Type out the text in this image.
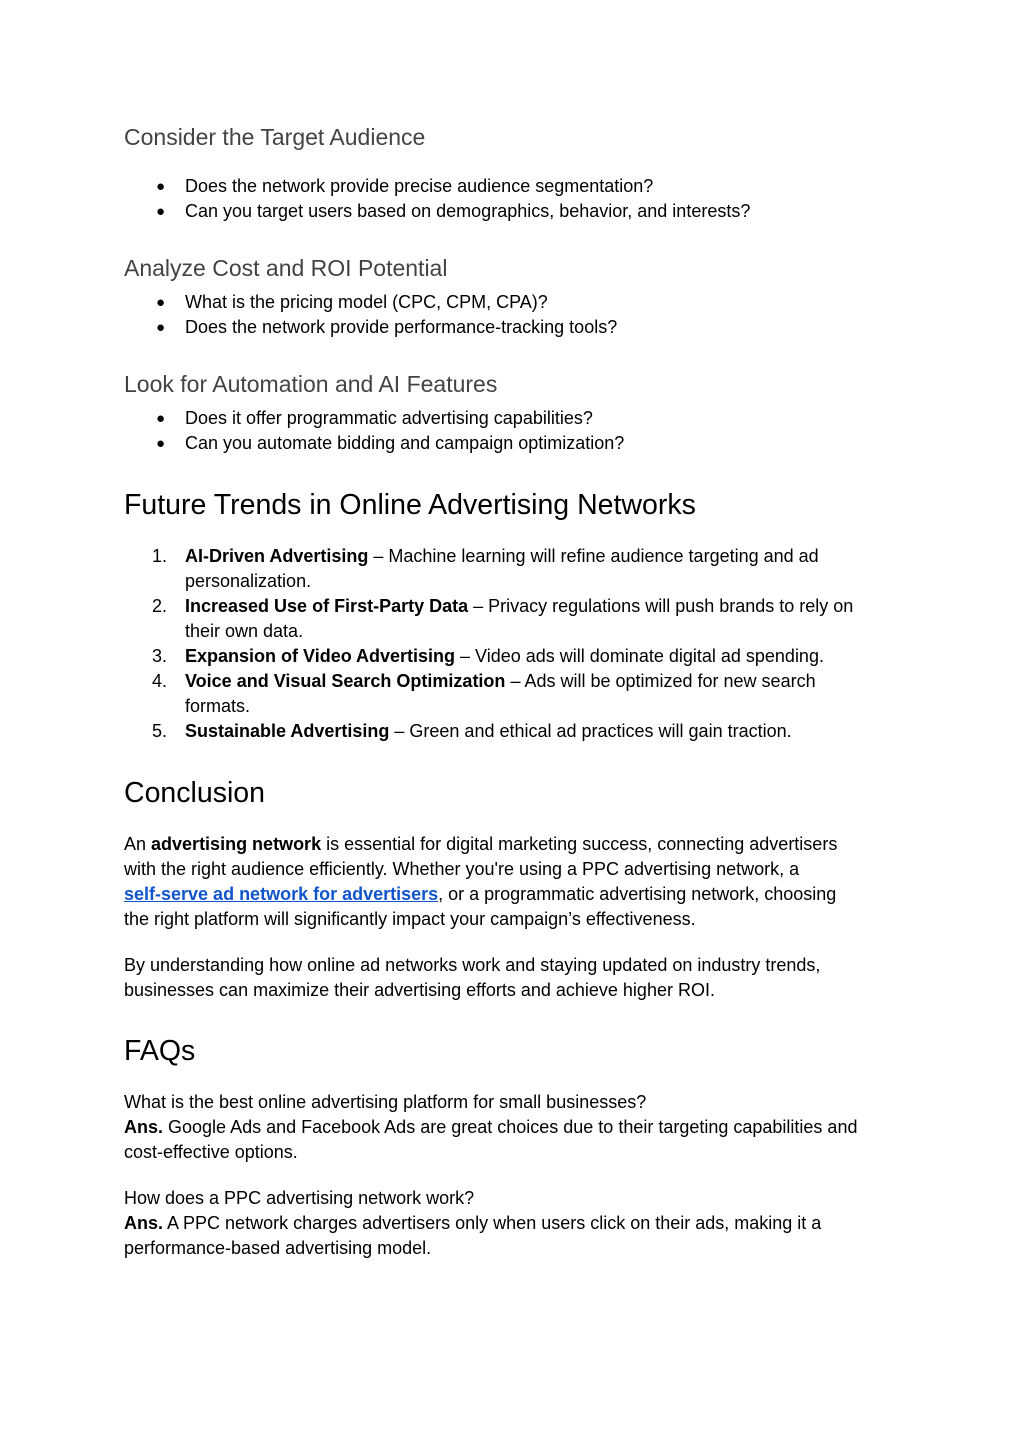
Consider the Target Audience
● Does the network provide precise audience segmentation?
● Can you target users based on demographics, behavior, and interests?
Analyze Cost and ROI Potential
● What is the pricing model (CPC, CPM, CPA)?
● Does the network provide performance-tracking tools?
Look for Automation and AI Features
● Does it offer programmatic advertising capabilities?
● Can you automate bidding and campaign optimization?
Future Trends in Online Advertising Networks
1. AI-Driven Advertising – Machine learning will refine audience targeting and ad
personalization.
2. Increased Use of First-Party Data – Privacy regulations will push brands to rely on
their own data.
3. Expansion of Video Advertising – Video ads will dominate digital ad spending.
4. Voice and Visual Search Optimization – Ads will be optimized for new search
formats.
5. Sustainable Advertising – Green and ethical ad practices will gain traction.
Conclusion
An advertising network is essential for digital marketing success, connecting advertisers
with the right audience efficiently. Whether you're using a PPC advertising network, a
self-serve ad network for advertisers, or a programmatic advertising network, choosing
the right platform will significantly impact your campaign’s effectiveness.
By understanding how online ad networks work and staying updated on industry trends,
businesses can maximize their advertising efforts and achieve higher ROI.
FAQs
What is the best online advertising platform for small businesses?
Ans. Google Ads and Facebook Ads are great choices due to their targeting capabilities and
cost-effective options.
How does a PPC advertising network work?
Ans. A PPC network charges advertisers only when users click on their ads, making it a
performance-based advertising model.
